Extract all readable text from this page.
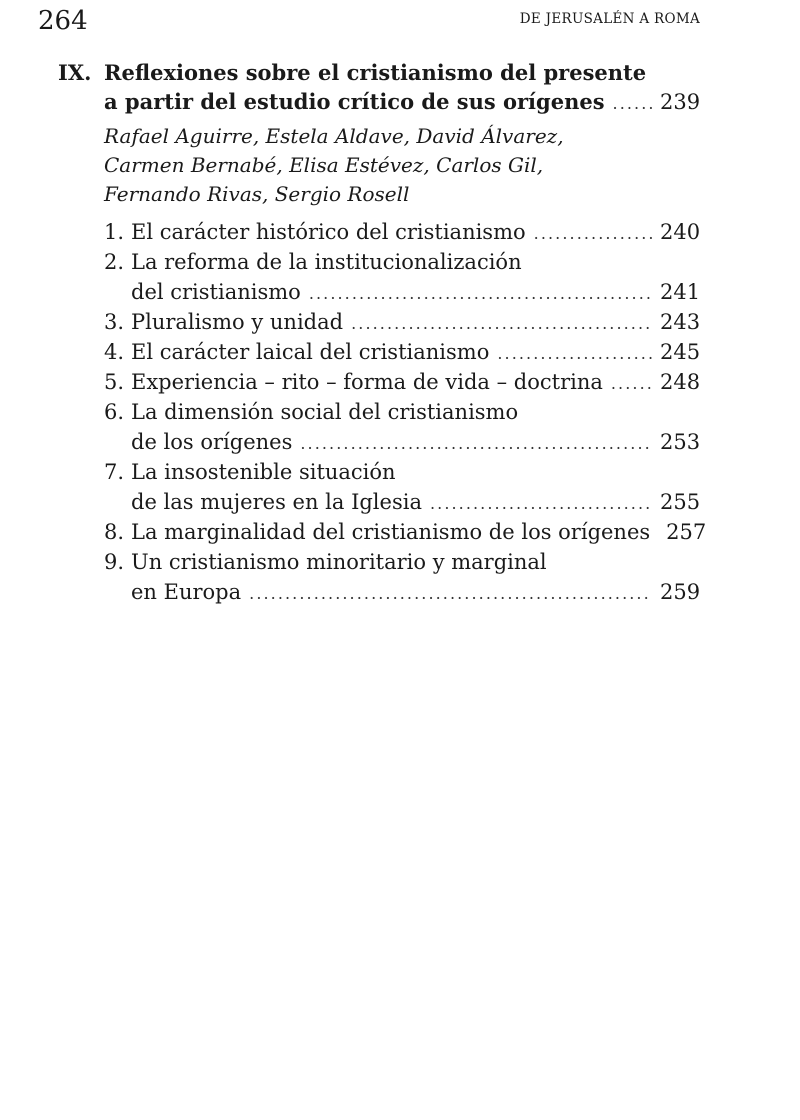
264	DE JERUSALÉN A ROMA
IX. Reflexiones sobre el cristianismo del presente
a partir del estudio crítico de sus orígenes . . .	239
Rafael Aguirre, Estela Aldave, David Álvarez,
Carmen Bernabé, Elisa Estévez, Carlos Gil,
Fernando Rivas, Sergio Rosell
1. El carácter histórico del cristianismo . . .	240
2. La reforma de la institucionalización
del cristianismo . . .	241
3. Pluralismo y unidad . . .	243
4. El carácter laical del cristianismo . . .	245
5. Experiencia – rito – forma de vida – doctrina . . .	248
6. La dimensión social del cristianismo
de los orígenes . . .	253
7. La insostenible situación
de las mujeres en la Iglesia . . .	255
8. La marginalidad del cristianismo de los orígenes 257
9. Un cristianismo minoritario y marginal
en Europa . . .	259
